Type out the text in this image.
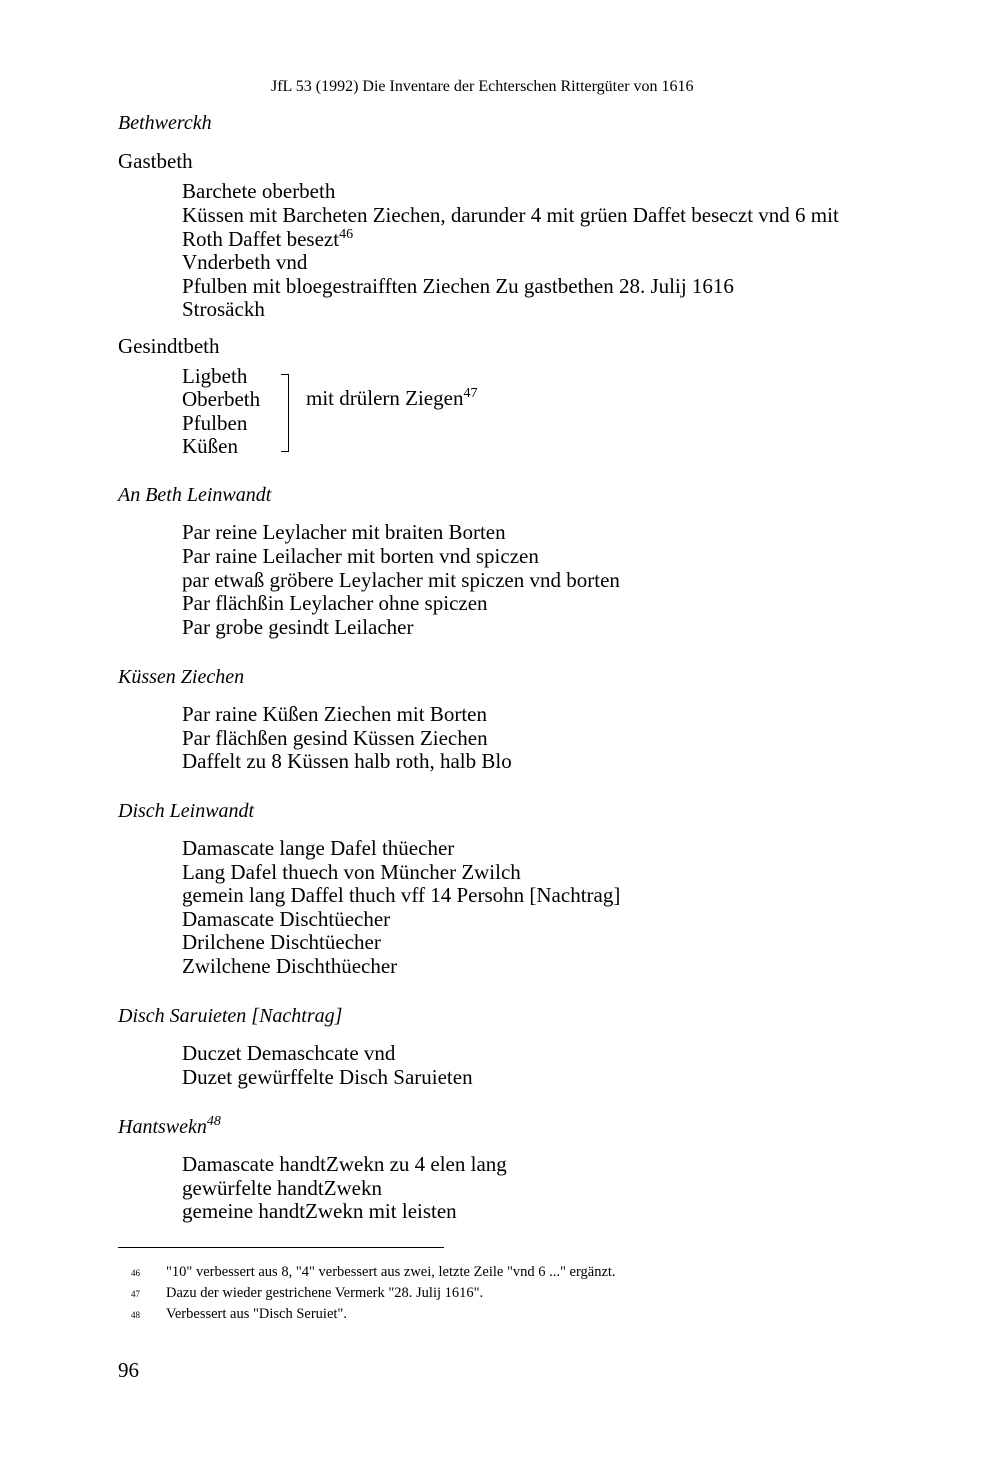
JfL 53 (1992) Die Inventare der Echterschen Rittergüter von 1616
Bethwerckh
Gastbeth
Barchete oberbeth
Küssen mit Barcheten Ziechen, darunder 4 mit grüen Daffet beseczt vnd 6 mit
Roth Daffet besezt$^{46}$
Vnderbeth vnd
Pfulben mit bloegestraifften Ziechen Zu gastbethen 28. Julij 1616
Strosäckh
Gesindtbeth
Ligbeth
Oberbeth
Pfulben
Küßen
mit drülern Ziegen$^{47}$
An Beth Leinwandt
Par reine Leylacher mit braiten Borten
Par raine Leilacher mit borten vnd spiczen
par etwaß gröbere Leylacher mit spiczen vnd borten
Par flächßin Leylacher ohne spiczen
Par grobe gesindt Leilacher
Küssen Ziechen
Par raine Küßen Ziechen mit Borten
Par flächßen gesind Küssen Ziechen
Daffelt zu 8 Küssen halb roth, halb Blo
Disch Leinwandt
Damascate lange Dafel thüecher
Lang Dafel thuech von Müncher Zwilch
gemein lang Daffel thuch vff 14 Persohn [Nachtrag]
Damascate Dischtüecher
Drilchene Dischtüecher
Zwilchene Dischthüecher
Disch Saruieten [Nachtrag]
Duczet Demaschcate vnd
Duzet gewürffelte Disch Saruieten
Hantswekn$^{48}$
Damascate handtZwekn zu 4 elen lang
gewürfelte handtZwekn
gemeine handtZwekn mit leisten
46 "10" verbessert aus 8, "4" verbessert aus zwei, letzte Zeile "vnd 6 ..." ergänzt.
47 Dazu der wieder gestrichene Vermerk "28. Julij 1616".
48 Verbessert aus "Disch Seruiet".
96
